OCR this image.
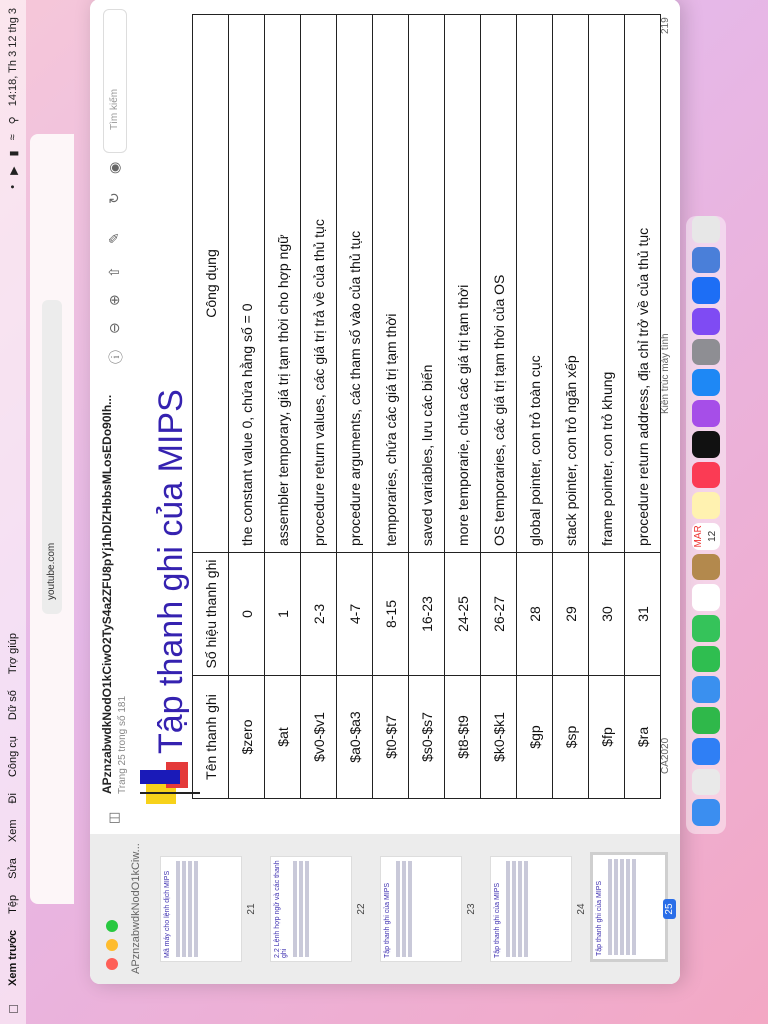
Xem trước
Tệp
Sửa
Xem
Đi
Công cụ
Dữ số
Trợ giúp
•
▶
▮
≈
⚲
14:18, Th 3 12 thg 3
youtube.com
APznzabwdkNodO1kCiw...	Mã máy cho lệnh dịch MIPS	21	2.2 Lệnh hợp ngữ và các thanh ghi
22	Tập thanh ghi của MIPS	23	Tập thanh ghi của MIPS	24	Tập thanh ghi của MIPS	25
◫
APznzabwdkNodO1kCiwO2TyS4a2ZFU8pYj1hDlZHbbsMLosEDo90Ih... Trang 25 trong số 181
ⓘ
⊖
⊕
⇧
✎
↻
◉
Tìm kiếm
Tập thanh ghi của MIPS Tên thanh ghi	Số hiệu thanh ghi	Công dụng
$zero	0	the constant value 0, chứa hằng số = 0
$at	1	assembler temporary, giá trị tạm thời cho hợp ngữ
$v0-$v1	2-3	procedure return values, các giá trị trả về của thủ tục
$a0-$a3	4-7	procedure arguments, các tham số vào của thủ tục
$t0-$t7	8-15	temporaries, chứa các giá trị tạm thời
$s0-$s7	16-23	saved variables, lưu các biến
$t8-$t9	24-25	more temporarie, chứa các giá trị tạm thời
$k0-$k1	26-27	OS temporaries, các giá trị tạm thời của OS
$gp	28	global pointer, con trỏ toàn cục
$sp	29	stack pointer, con trỏ ngăn xếp
$fp	30	frame pointer, con trỏ khung
$ra	31	procedure return address, địa chỉ trở về của thủ tục
CA2020
Kiến trúc máy tính
219
MAR 12
